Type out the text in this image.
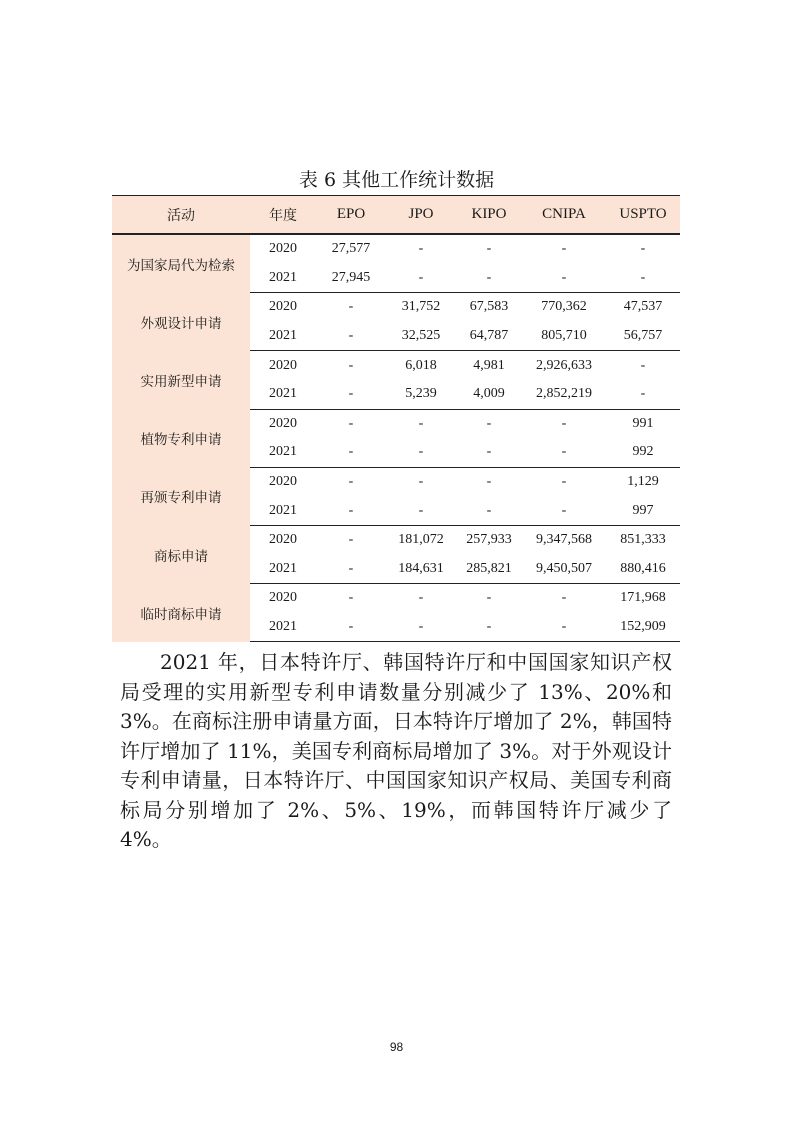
表 6 其他工作统计数据
活动	年度	EPO	JPO	KIPO	CNIPA	USPTO
为国家局代为检索	2020	27,577	-	-	-	-
	2021	27,945	-	-	-	-
外观设计申请	2020	-	31,752	67,583	770,362	47,537
	2021	-	32,525	64,787	805,710	56,757
实用新型申请	2020	-	6,018	4,981	2,926,633	-
	2021	-	5,239	4,009	2,852,219	-
植物专利申请	2020	-	-	-	-	991
	2021	-	-	-	-	992
再颁专利申请	2020	-	-	-	-	1,129
	2021	-	-	-	-	997
商标申请	2020	-	181,072	257,933	9,347,568	851,333
	2021	-	184,631	285,821	9,450,507	880,416
临时商标申请	2020	-	-	-	-	171,968
	2021	-	-	-	-	152,909

2021 年，日本特许厅、韩国特许厅和中国国家知识产权局受理的实用新型专利申请数量分别减少了 13%、20%和 3%。在商标注册申请量方面，日本特许厅增加了 2%，韩国特许厅增加了 11%，美国专利商标局增加了 3%。对于外观设计专利申请量，日本特许厅、中国国家知识产权局、美国专利商标局分别增加了 2%、5%、19%，而韩国特许厅减少了 4%。

98
